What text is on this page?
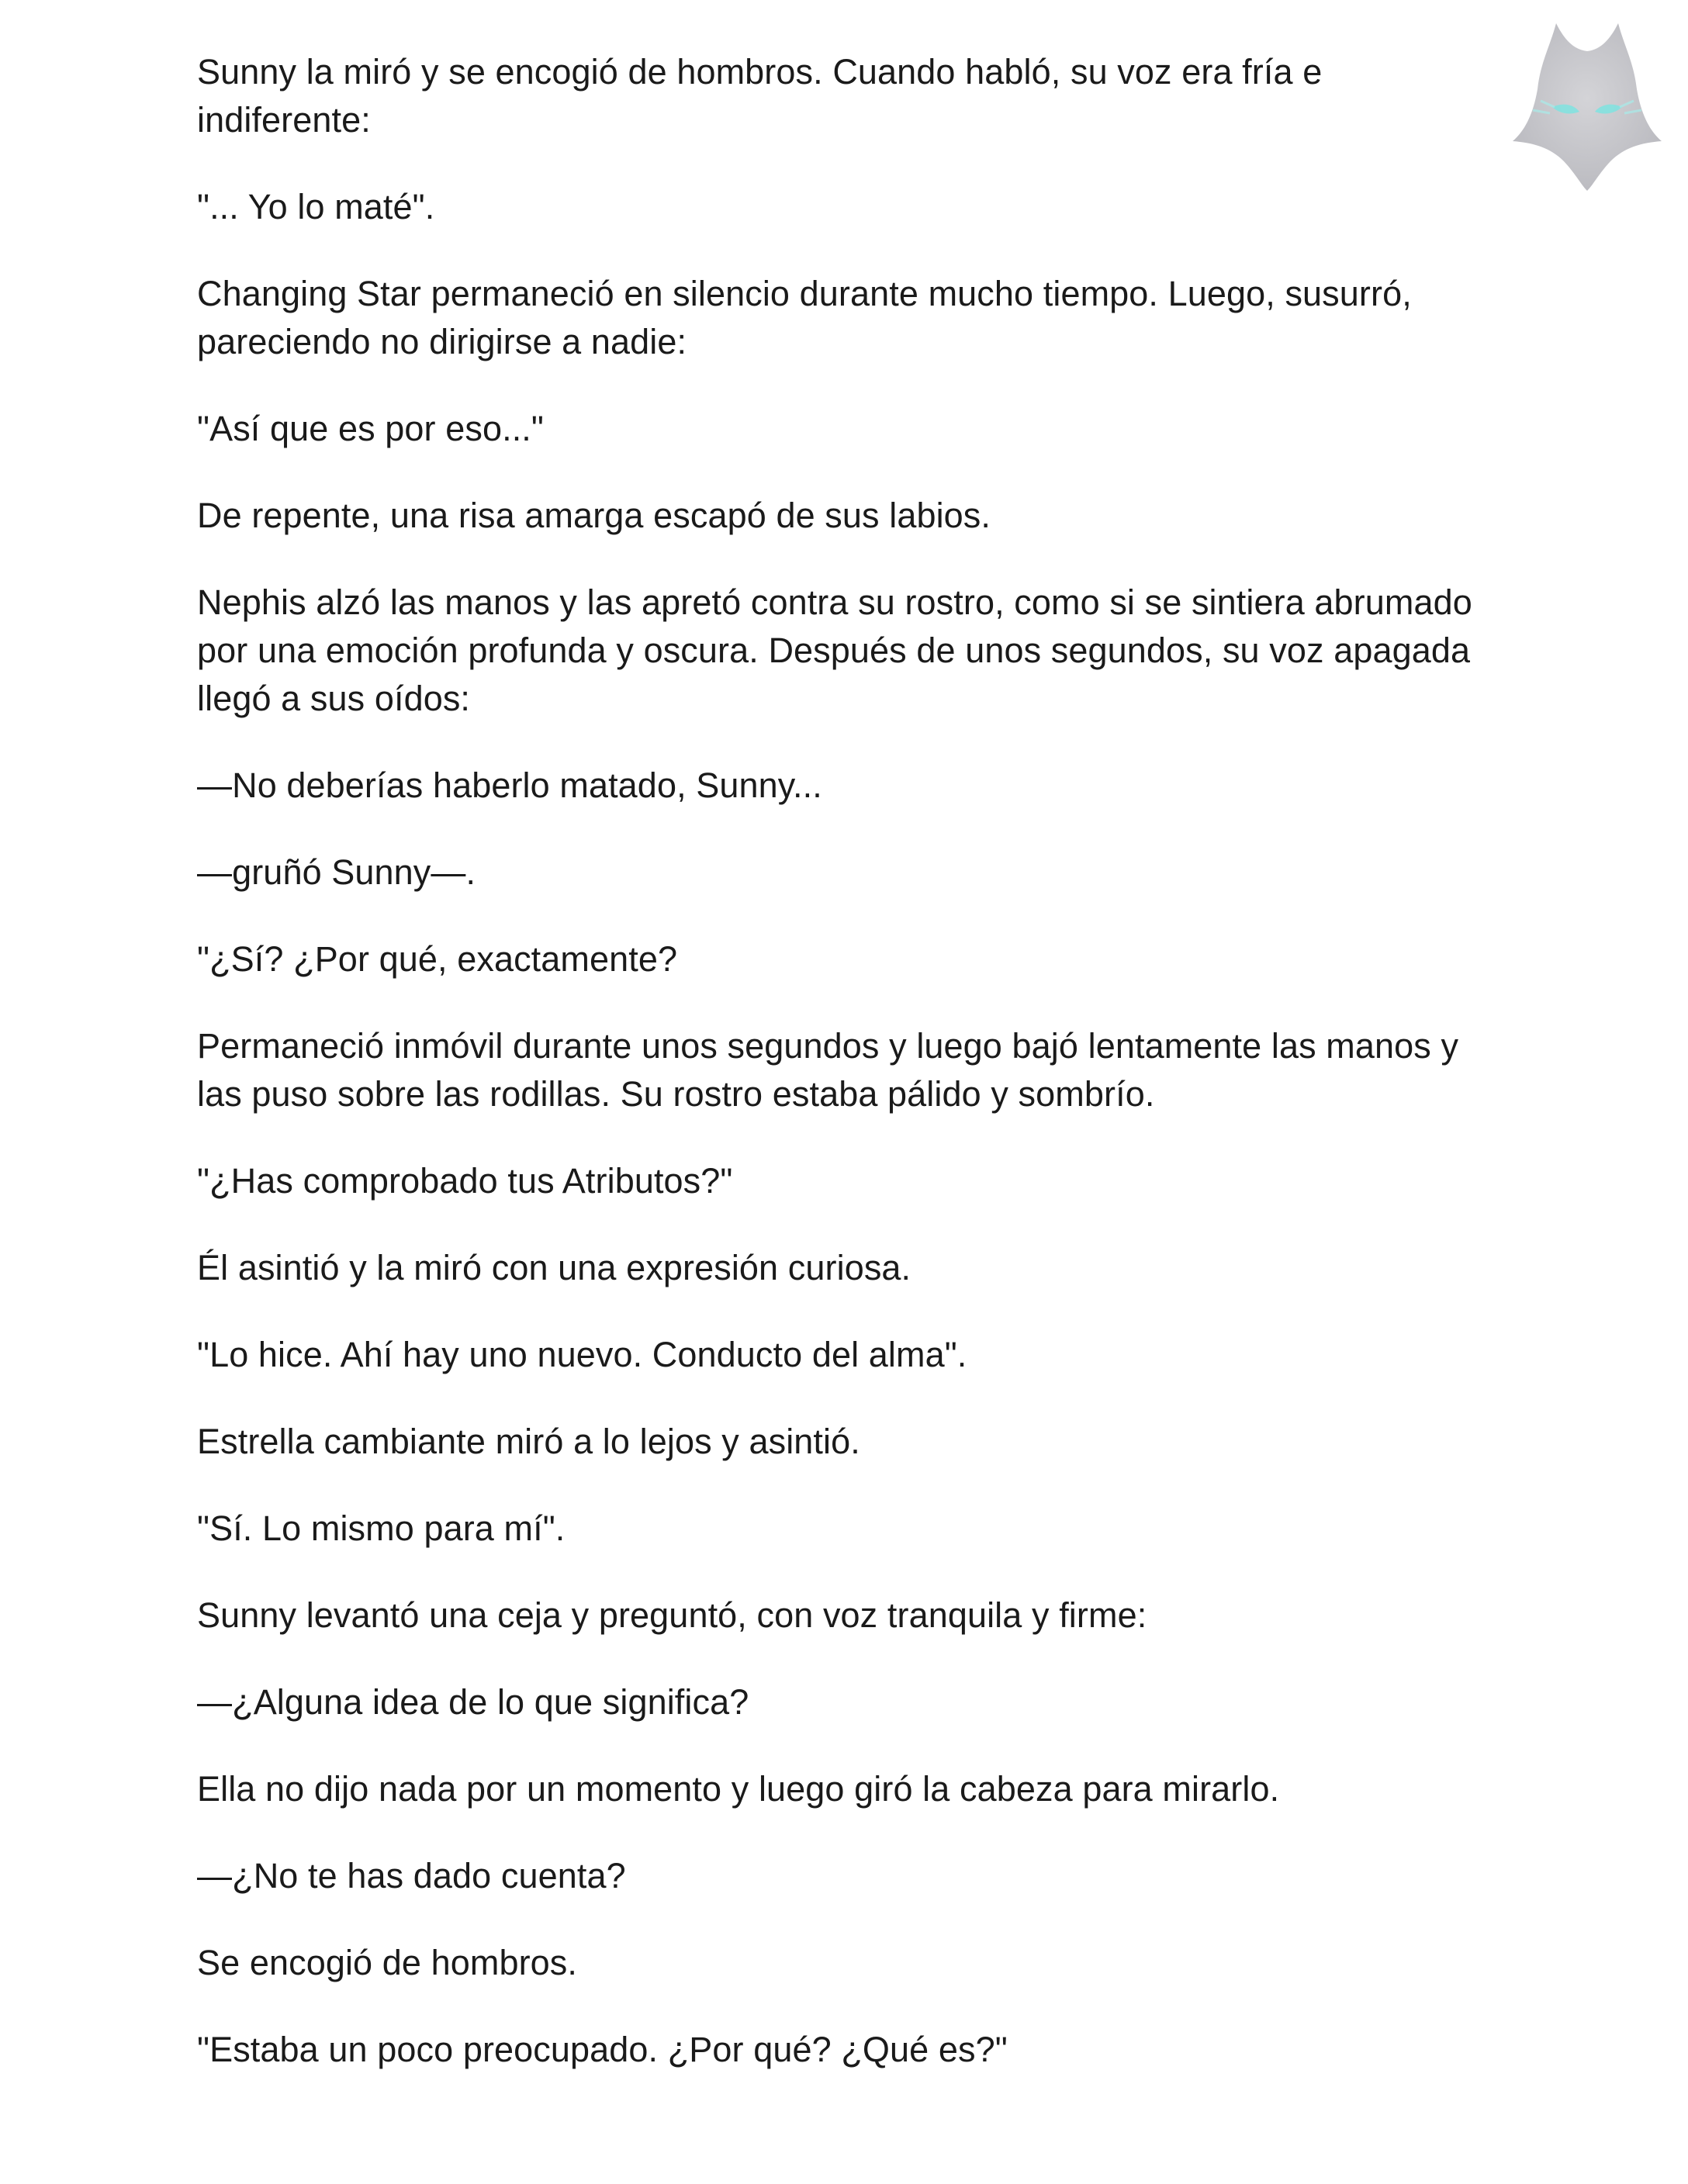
Sunny la miró y se encogió de hombros. Cuando habló, su voz era fría e indiferente:

"... Yo lo maté".

Changing Star permaneció en silencio durante mucho tiempo. Luego, susurró, pareciendo no dirigirse a nadie:

"Así que es por eso..."

De repente, una risa amarga escapó de sus labios.

Nephis alzó las manos y las apretó contra su rostro, como si se sintiera abrumado por una emoción profunda y oscura. Después de unos segundos, su voz apagada llegó a sus oídos:

—No deberías haberlo matado, Sunny...

—gruñó Sunny—.

"¿Sí? ¿Por qué, exactamente?

Permaneció inmóvil durante unos segundos y luego bajó lentamente las manos y las puso sobre las rodillas. Su rostro estaba pálido y sombrío.

"¿Has comprobado tus Atributos?"

Él asintió y la miró con una expresión curiosa.

"Lo hice. Ahí hay uno nuevo. Conducto del alma".

Estrella cambiante miró a lo lejos y asintió.

"Sí. Lo mismo para mí".

Sunny levantó una ceja y preguntó, con voz tranquila y firme:

—¿Alguna idea de lo que significa?

Ella no dijo nada por un momento y luego giró la cabeza para mirarlo.

—¿No te has dado cuenta?

Se encogió de hombros.

"Estaba un poco preocupado. ¿Por qué? ¿Qué es?"
